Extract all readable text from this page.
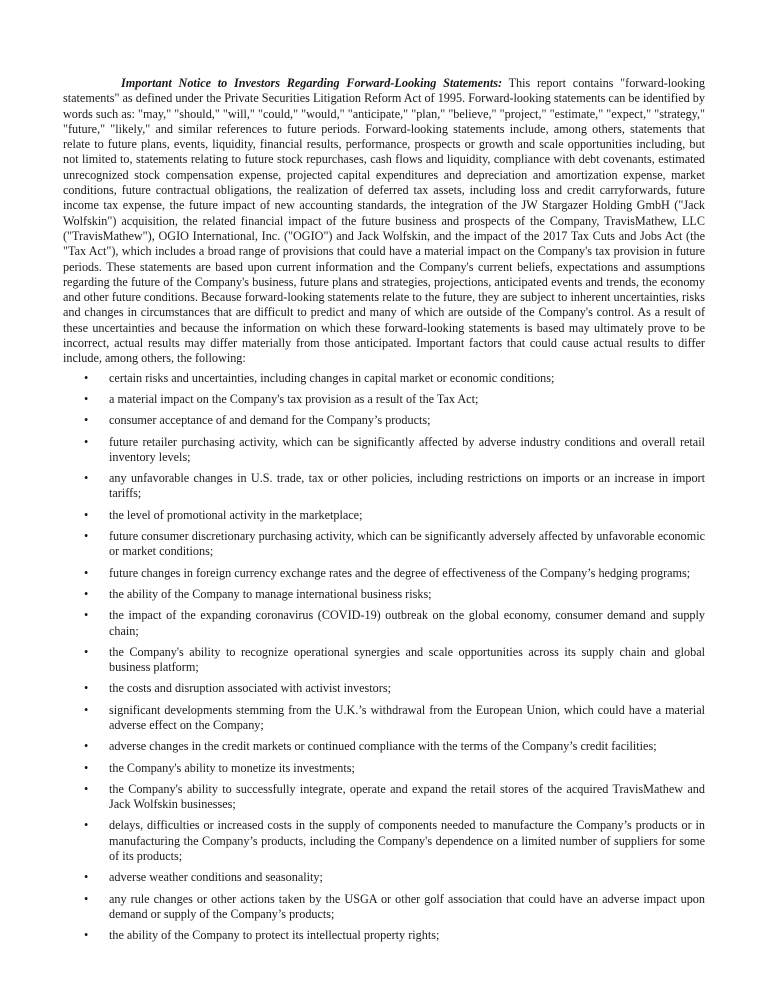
Important Notice to Investors Regarding Forward-Looking Statements: This report contains "forward-looking statements" as defined under the Private Securities Litigation Reform Act of 1995. Forward-looking statements can be identified by words such as: "may," "should," "will," "could," "would," "anticipate," "plan," "believe," "project," "estimate," "expect," "strategy," "future," "likely," and similar references to future periods. Forward-looking statements include, among others, statements that relate to future plans, events, liquidity, financial results, performance, prospects or growth and scale opportunities including, but not limited to, statements relating to future stock repurchases, cash flows and liquidity, compliance with debt covenants, estimated unrecognized stock compensation expense, projected capital expenditures and depreciation and amortization expense, market conditions, future contractual obligations, the realization of deferred tax assets, including loss and credit carryforwards, future income tax expense, the future impact of new accounting standards, the integration of the JW Stargazer Holding GmbH ("Jack Wolfskin") acquisition, the related financial impact of the future business and prospects of the Company, TravisMathew, LLC ("TravisMathew"), OGIO International, Inc. ("OGIO") and Jack Wolfskin, and the impact of the 2017 Tax Cuts and Jobs Act (the "Tax Act"), which includes a broad range of provisions that could have a material impact on the Company's tax provision in future periods. These statements are based upon current information and the Company's current beliefs, expectations and assumptions regarding the future of the Company's business, future plans and strategies, projections, anticipated events and trends, the economy and other future conditions. Because forward-looking statements relate to the future, they are subject to inherent uncertainties, risks and changes in circumstances that are difficult to predict and many of which are outside of the Company's control. As a result of these uncertainties and because the information on which these forward-looking statements is based may ultimately prove to be incorrect, actual results may differ materially from those anticipated. Important factors that could cause actual results to differ include, among others, the following:

• certain risks and uncertainties, including changes in capital market or economic conditions;
• a material impact on the Company's tax provision as a result of the Tax Act;
• consumer acceptance of and demand for the Company’s products;
• future retailer purchasing activity, which can be significantly affected by adverse industry conditions and overall retail inventory levels;
• any unfavorable changes in U.S. trade, tax or other policies, including restrictions on imports or an increase in import tariffs;
• the level of promotional activity in the marketplace;
• future consumer discretionary purchasing activity, which can be significantly adversely affected by unfavorable economic or market conditions;
• future changes in foreign currency exchange rates and the degree of effectiveness of the Company’s hedging programs;
• the ability of the Company to manage international business risks;
• the impact of the expanding coronavirus (COVID-19) outbreak on the global economy, consumer demand and supply chain;
• the Company's ability to recognize operational synergies and scale opportunities across its supply chain and global business platform;
• the costs and disruption associated with activist investors;
• significant developments stemming from the U.K.’s withdrawal from the European Union, which could have a material adverse effect on the Company;
• adverse changes in the credit markets or continued compliance with the terms of the Company’s credit facilities;
• the Company's ability to monetize its investments;
• the Company's ability to successfully integrate, operate and expand the retail stores of the acquired TravisMathew and Jack Wolfskin businesses;
• delays, difficulties or increased costs in the supply of components needed to manufacture the Company’s products or in manufacturing the Company’s products, including the Company's dependence on a limited number of suppliers for some of its products;
• adverse weather conditions and seasonality;
• any rule changes or other actions taken by the USGA or other golf association that could have an adverse impact upon demand or supply of the Company’s products;
• the ability of the Company to protect its intellectual property rights;
